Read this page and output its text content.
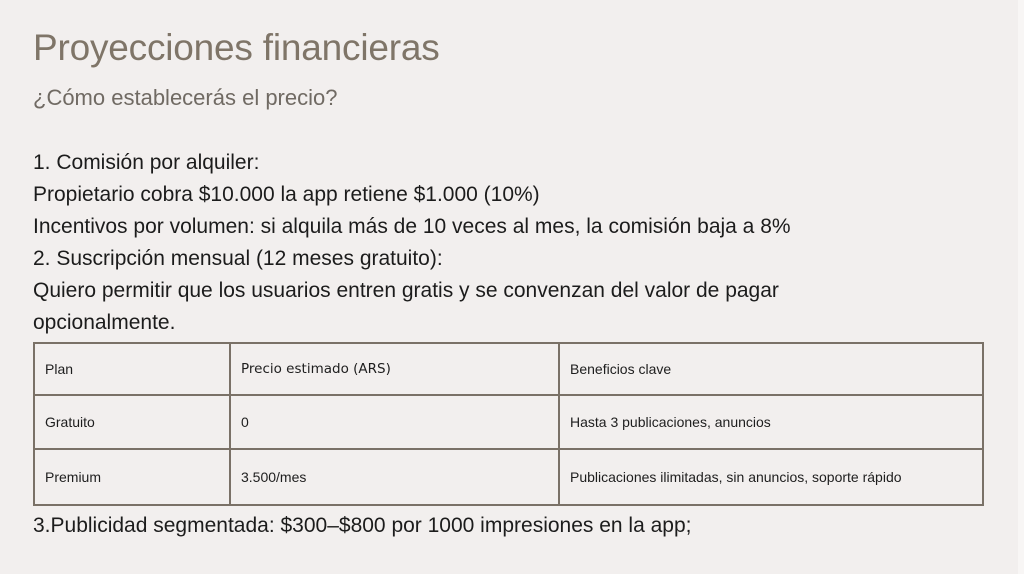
Proyecciones financieras
¿Cómo establecerás el precio?
1. Comisión por alquiler:
Propietario cobra $10.000 la app retiene $1.000 (10%)
Incentivos por volumen: si alquila más de 10 veces al mes, la comisión baja a 8%
2. Suscripción mensual (12 meses gratuito):
Quiero permitir que los usuarios entren gratis y se convenzan del valor de pagar
opcionalmente.
Plan	Precio estimado (ARS)	Beneficios clave
Gratuito	0	Hasta 3 publicaciones, anuncios
Premium	3.500/mes	Publicaciones ilimitadas, sin anuncios, soporte rápido
3.Publicidad segmentada: $300–$800 por 1000 impresiones en la app;
